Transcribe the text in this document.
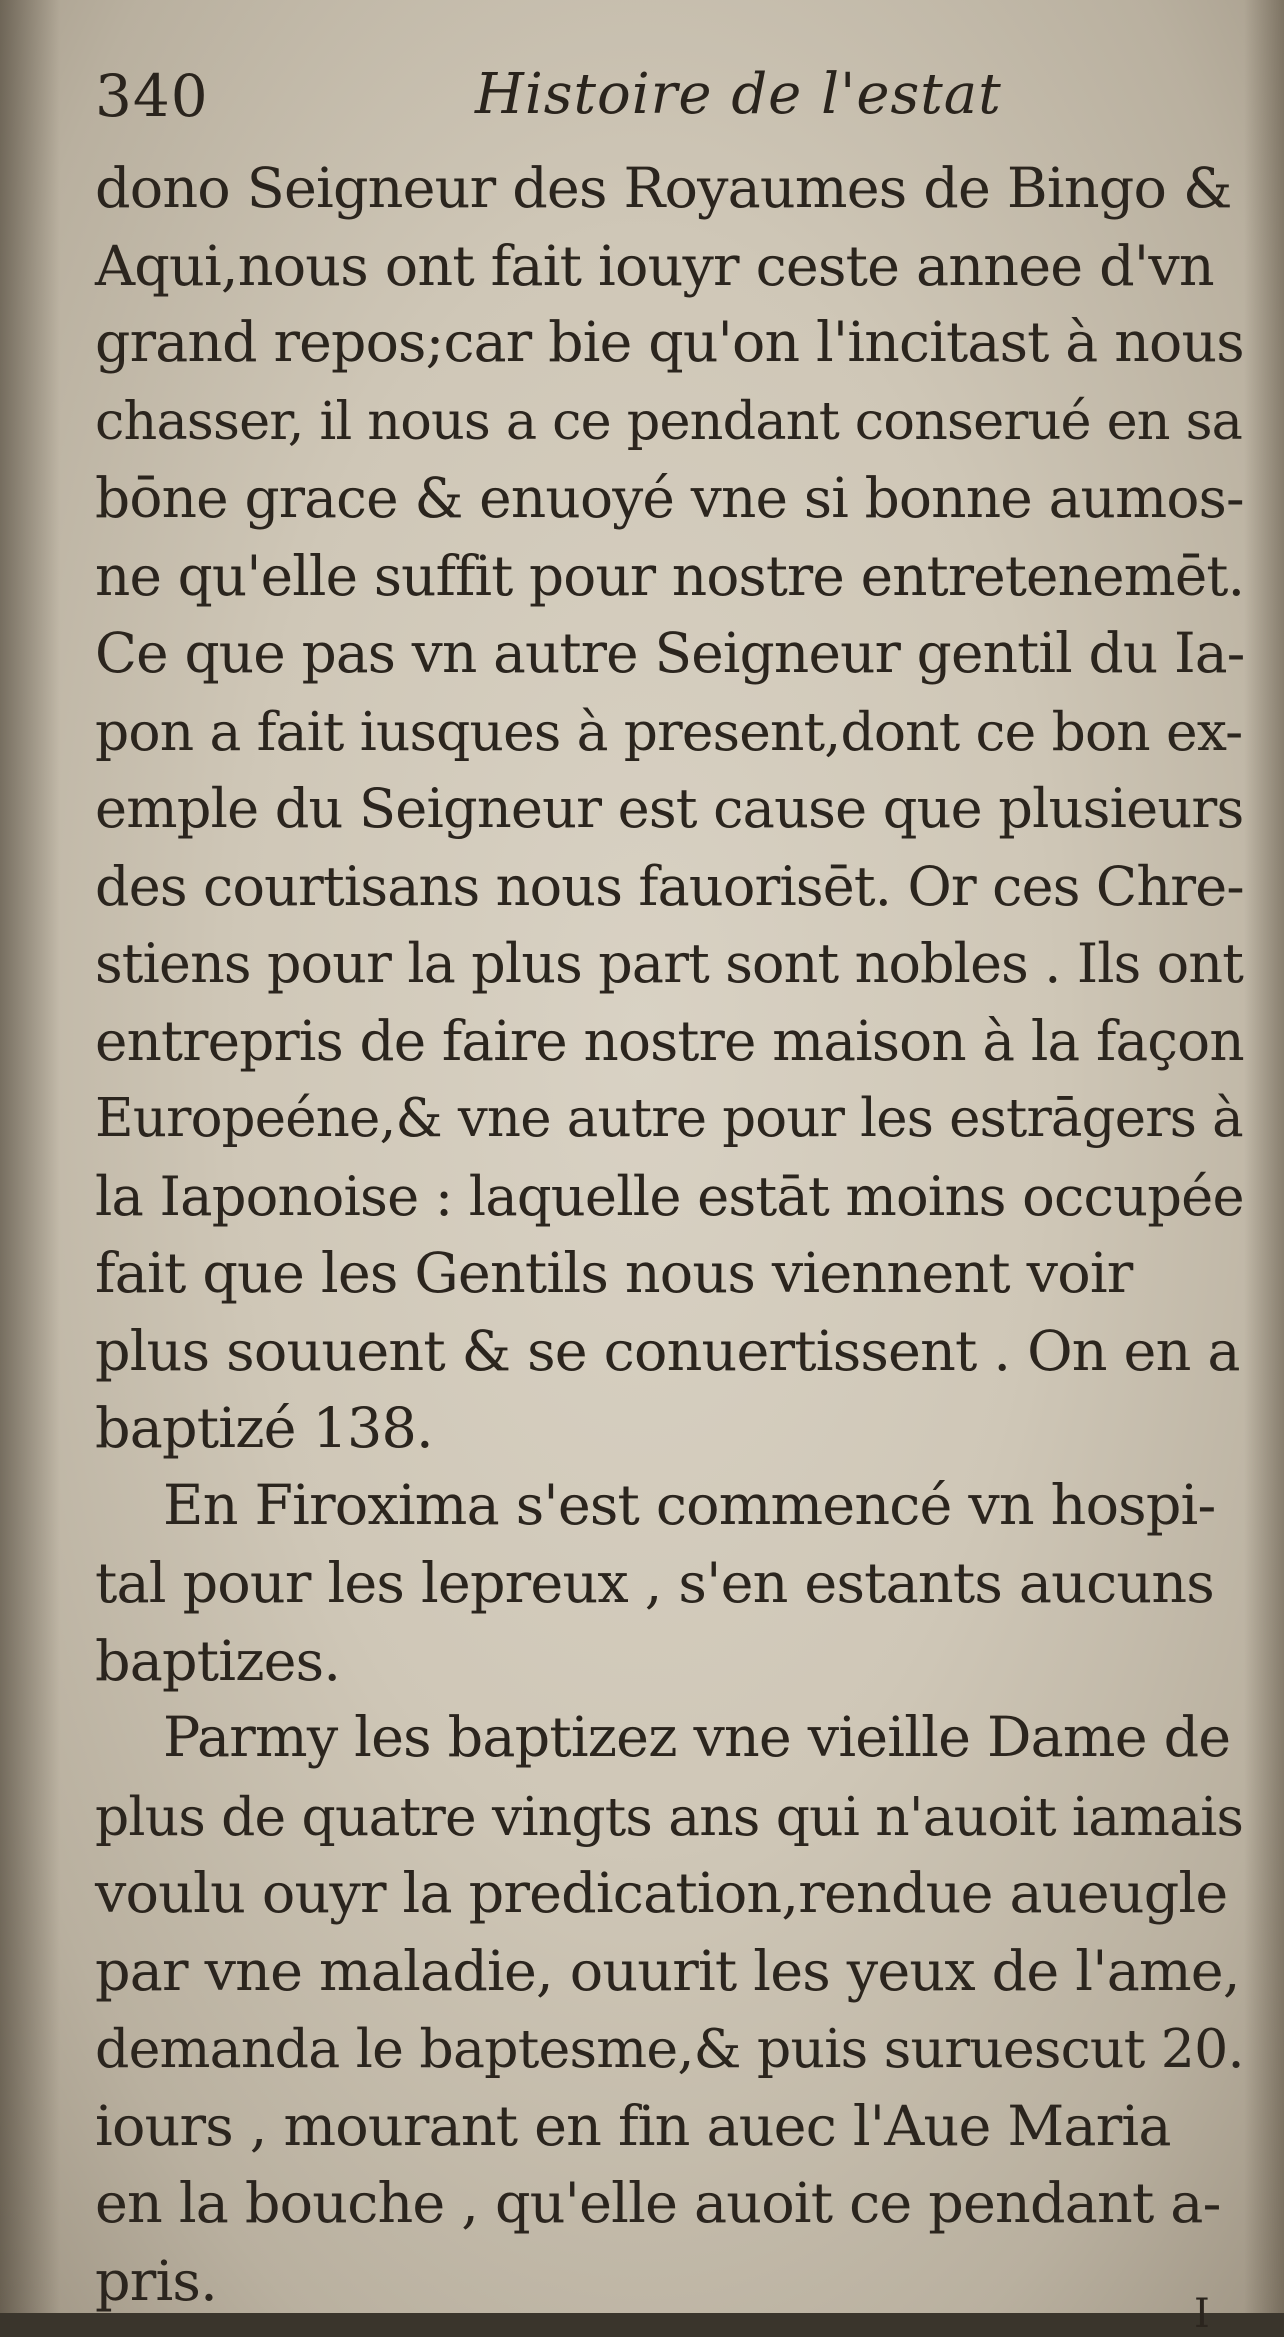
340	Histoire de l'estat
dono Seigneur des Royaumes de Bingo &
Aqui,nous ont fait iouyr ceste annee d'vn
grand repos;car bie qu'on l'incitast à nous
chasser, il nous a ce pendant conserué en sa
bōne grace & enuoyé vne si bonne aumos-
ne qu'elle suffit pour nostre entretenemēt.
Ce que pas vn autre Seigneur gentil du Ia-
pon a fait iusques à present,dont ce bon ex-
emple du Seigneur est cause que plusieurs
des courtisans nous fauorisēt. Or ces Chre-
stiens pour la plus part sont nobles . Ils ont
entrepris de faire nostre maison à la façon
Europeéne,& vne autre pour les estrāgers à
la Iaponoise : laquelle estāt moins occupée
fait que les Gentils nous viennent voir
plus souuent & se conuertissent . On en a
baptizé 138.
En Firoxima s'est commencé vn hospi-
tal pour les lepreux , s'en estants aucuns
baptizes.
Parmy les baptizez vne vieille Dame de
plus de quatre vingts ans qui n'auoit iamais
voulu ouyr la predication,rendue aueugle
par vne maladie, ouurit les yeux de l'ame,
demanda le baptesme,& puis suruescut 20.
iours , mourant en fin auec l'Aue Maria
en la bouche , qu'elle auoit ce pendant a-
pris.
I
